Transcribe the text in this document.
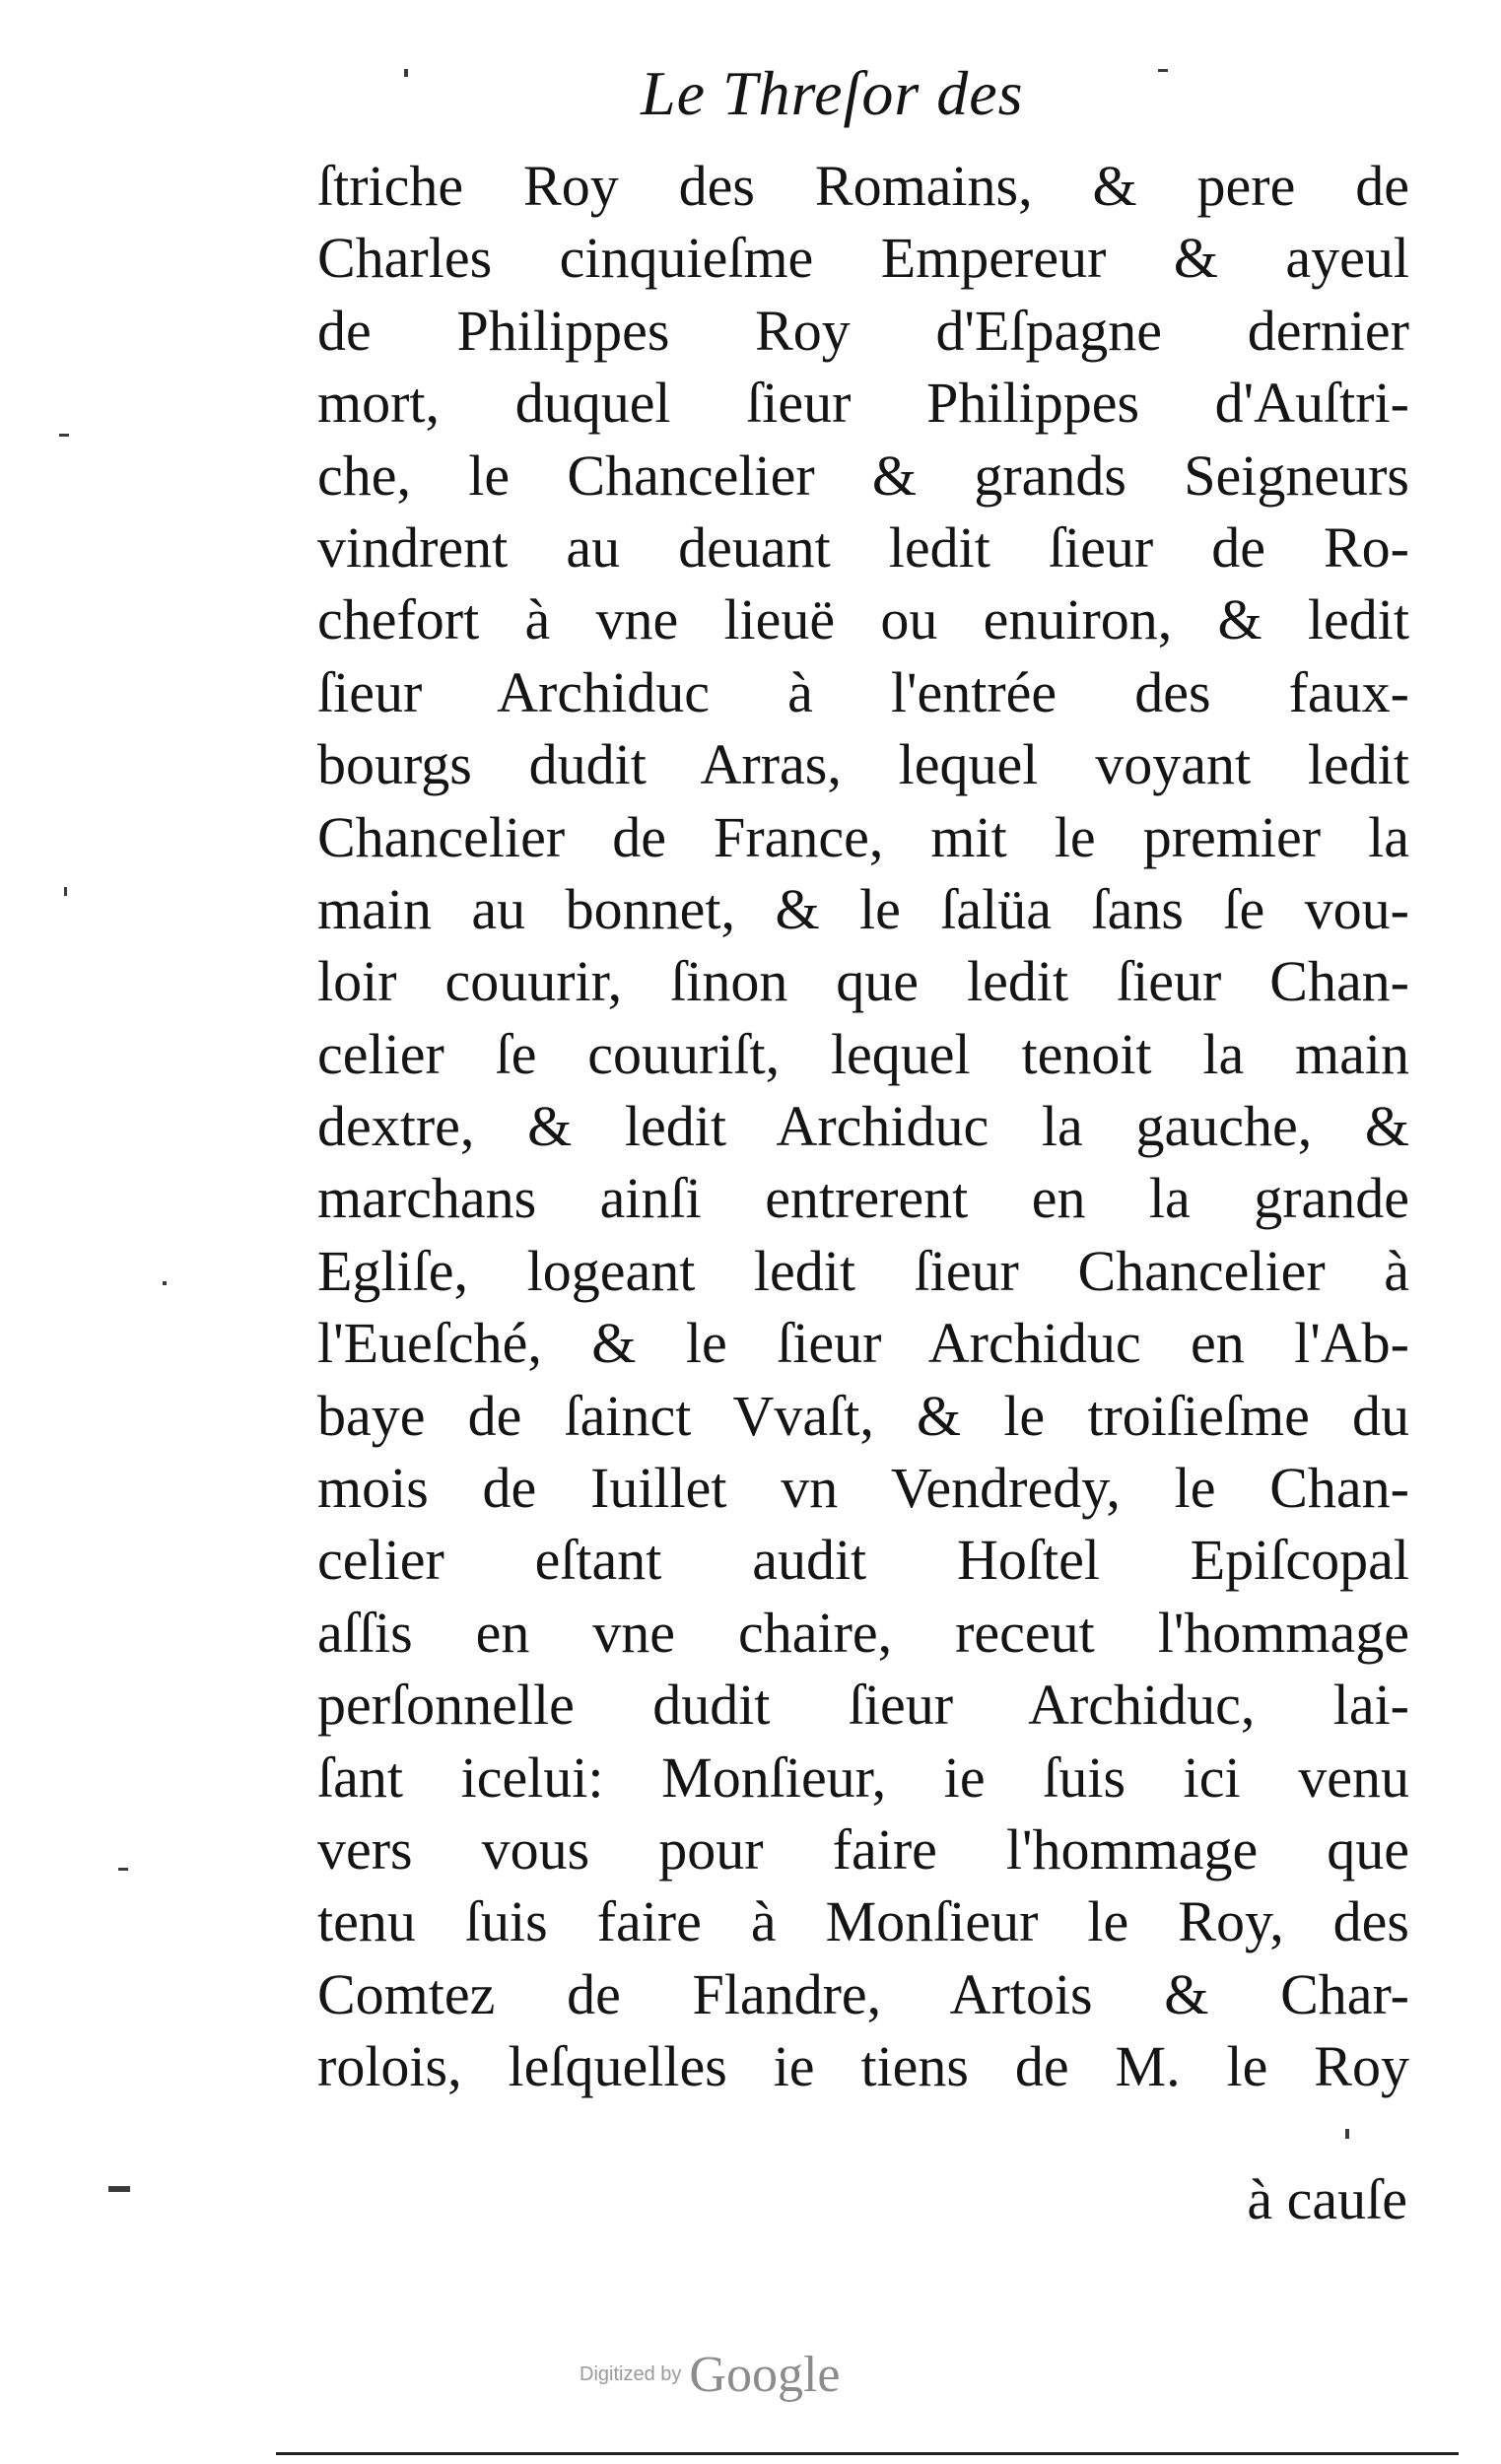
Le Threſor des
ſtriche Roy des Romains, & pere de
Charles cinquieſme Empereur & ayeul
de Philippes Roy d'Eſpagne dernier
mort, duquel ſieur Philippes d'Auſtri-
che, le Chancelier & grands Seigneurs
vindrent au deuant ledit ſieur de Ro-
chefort à vne lieuë ou enuiron, & ledit
ſieur Archiduc à l'entrée des faux-
bourgs dudit Arras, lequel voyant ledit
Chancelier de France, mit le premier la
main au bonnet, & le ſalüa ſans ſe vou-
loir couurir, ſinon que ledit ſieur Chan-
celier ſe couuriſt, lequel tenoit la main
dextre, & ledit Archiduc la gauche, &
marchans ainſi entrerent en la grande
Egliſe, logeant ledit ſieur Chancelier à
l'Eueſché, & le ſieur Archiduc en l'Ab-
baye de ſainct Vvaſt, & le troiſieſme du
mois de Iuillet vn Vendredy, le Chan-
celier eſtant audit Hoſtel Epiſcopal
aſſis en vne chaire, receut l'hommage
perſonnelle dudit ſieur Archiduc, lai-
ſant icelui: Monſieur, ie ſuis ici venu
vers vous pour faire l'hommage que
tenu ſuis faire à Monſieur le Roy, des
Comtez de Flandre, Artois & Char-
rolois, leſquelles ie tiens de M. le Roy
à cauſe
Digitized by Google
